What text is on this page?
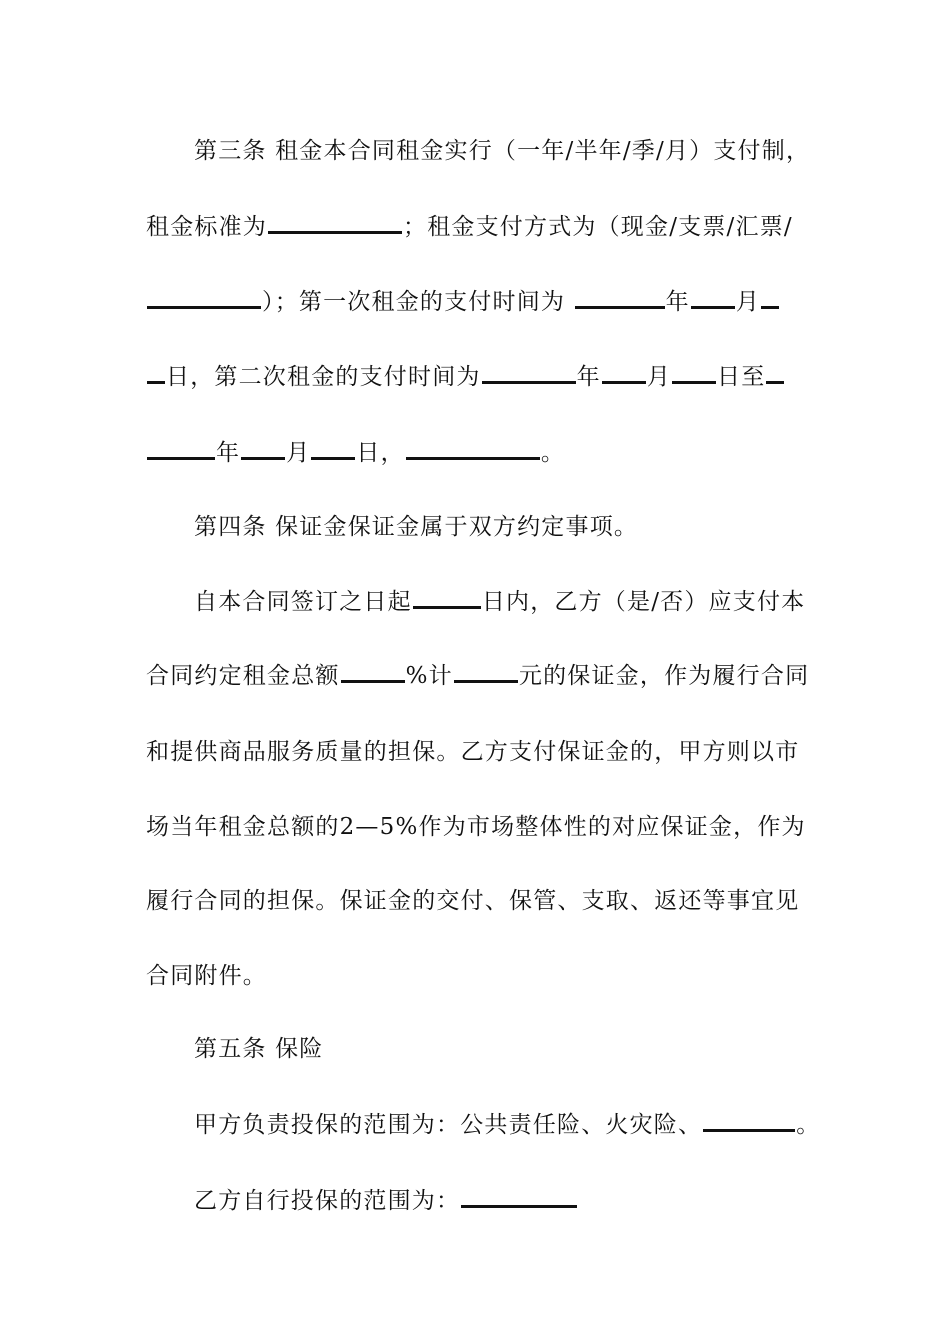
第三条 租金本合同租金实行（一年/半年/季/月）支付制，
租金标准为	；租金支付方式为（现金/支票/汇票/
）；第一次租金的支付时间为	年 月
日，第二次租金的支付时间为	年 月 日至
年 月 日，	。
第四条 保证金保证金属于双方约定事项。
自本合同签订之日起	日内，乙方（是/否）应支付本
合同约定租金总额	%计	元的保证金，作为履行合同
和提供商品服务质量的担保。乙方支付保证金的，甲方则以市
场当年租金总额的2—5%作为市场整体性的对应保证金，作为
履行合同的担保。保证金的交付、保管、支取、返还等事宜见
合同附件。
第五条 保险
甲方负责投保的范围为：公共责任险、火灾险、	。
乙方自行投保的范围为：
